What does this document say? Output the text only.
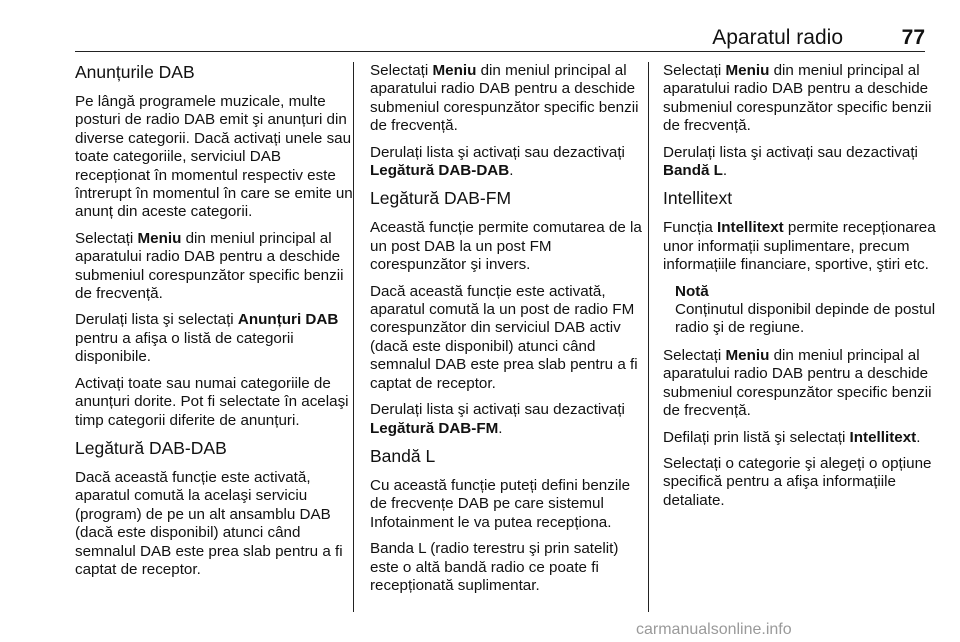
Aparatul radio	77
Anunțurile DAB

Pe lângă programele muzicale, multe posturi de radio DAB emit şi anunțuri din diverse categorii. Dacă activați unele sau toate categoriile, serviciul DAB recepționat în momentul respectiv este întrerupt în momentul în care se emite un anunț din aceste categorii.

Selectați Meniu din meniul principal al aparatului radio DAB pentru a deschide submeniul corespunzător specific benzii de frecvență.

Derulați lista şi selectați Anunțuri DAB pentru a afişa o listă de categorii disponibile.

Activați toate sau numai categoriile de anunțuri dorite. Pot fi selectate în acelaşi timp categorii diferite de anunțuri.

Legătură DAB-DAB

Dacă această funcție este activată, aparatul comută la acelaşi serviciu (program) de pe un alt ansamblu DAB (dacă este disponibil) atunci când semnalul DAB este prea slab pentru a fi captat de receptor.

Selectați Meniu din meniul principal al aparatului radio DAB pentru a deschide submeniul corespunzător specific benzii de frecvență.

Derulați lista şi activați sau dezactivați Legătură DAB-DAB.

Legătură DAB-FM

Această funcție permite comutarea de la un post DAB la un post FM corespunzător şi invers.

Dacă această funcție este activată, aparatul comută la un post de radio FM corespunzător din serviciul DAB activ (dacă este disponibil) atunci când semnalul DAB este prea slab pentru a fi captat de receptor.

Derulați lista şi activați sau dezactivați Legătură DAB-FM.

Bandă L

Cu această funcție puteți defini benzile de frecvențe DAB pe care sistemul Infotainment le va putea recepționa.

Banda L (radio terestru şi prin satelit) este o altă bandă radio ce poate fi recepționată suplimentar.

Selectați Meniu din meniul principal al aparatului radio DAB pentru a deschide submeniul corespunzător specific benzii de frecvență.

Derulați lista şi activați sau dezactivați Bandă L.

Intellitext

Funcția Intellitext permite recepționarea unor informații suplimentare, precum informațiile financiare, sportive, ştiri etc.

Notă
Conținutul disponibil depinde de postul radio şi de regiune.

Selectați Meniu din meniul principal al aparatului radio DAB pentru a deschide submeniul corespunzător specific benzii de frecvență.

Defilați prin listă şi selectați Intellitext.

Selectați o categorie şi alegeți o opțiune specifică pentru a afişa informațiile detaliate.

carmanualsonline.info
